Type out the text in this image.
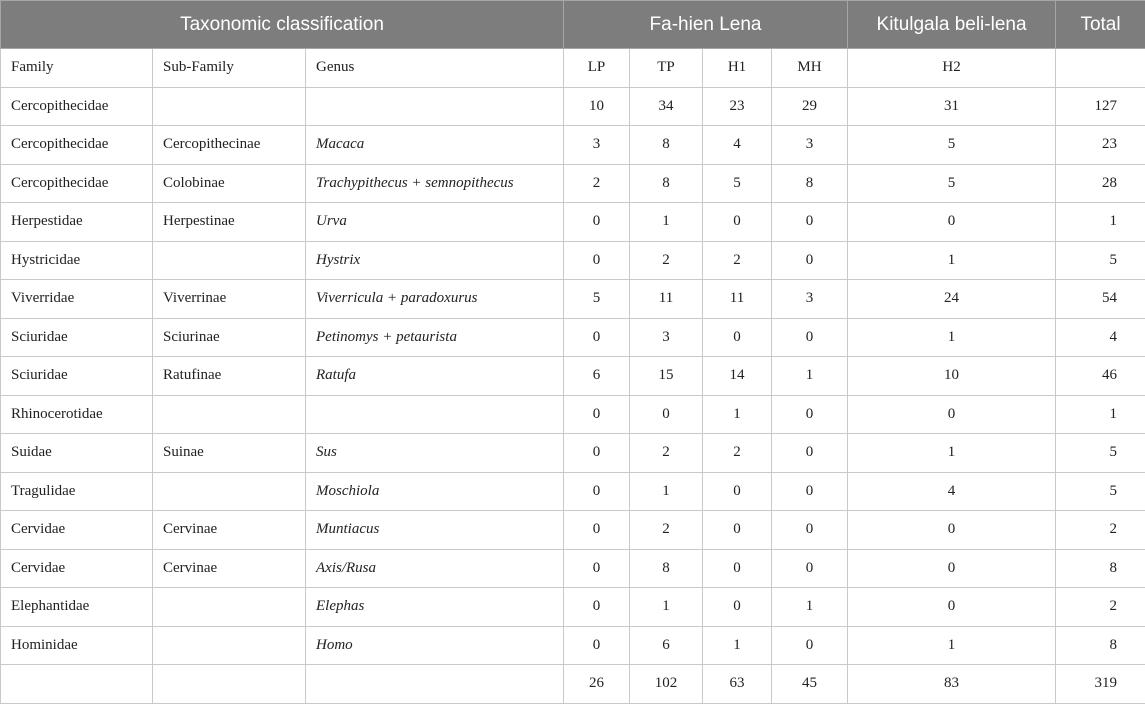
Taxonomic classification			Fa-hien Lena				Kitulgala beli-lena	Total
Family	Sub-Family	Genus	LP	TP	H1	MH	H2	
Cercopithecidae			10	34	23	29	31	127
Cercopithecidae	Cercopithecinae	Macaca	3	8	4	3	5	23
Cercopithecidae	Colobinae	Trachypithecus + semnopithecus	2	8	5	8	5	28
Herpestidae	Herpestinae	Urva	0	1	0	0	0	1
Hystricidae		Hystrix	0	2	2	0	1	5
Viverridae	Viverrinae	Viverricula + paradoxurus	5	11	11	3	24	54
Sciuridae	Sciurinae	Petinomys + petaurista	0	3	0	0	1	4
Sciuridae	Ratufinae	Ratufa	6	15	14	1	10	46
Rhinocerotidae			0	0	1	0	0	1
Suidae	Suinae	Sus	0	2	2	0	1	5
Tragulidae		Moschiola	0	1	0	0	4	5
Cervidae	Cervinae	Muntiacus	0	2	0	0	0	2
Cervidae	Cervinae	Axis/Rusa	0	8	0	0	0	8
Elephantidae		Elephas	0	1	0	1	0	2
Hominidae		Homo	0	6	1	0	1	8
			26	102	63	45	83	319
